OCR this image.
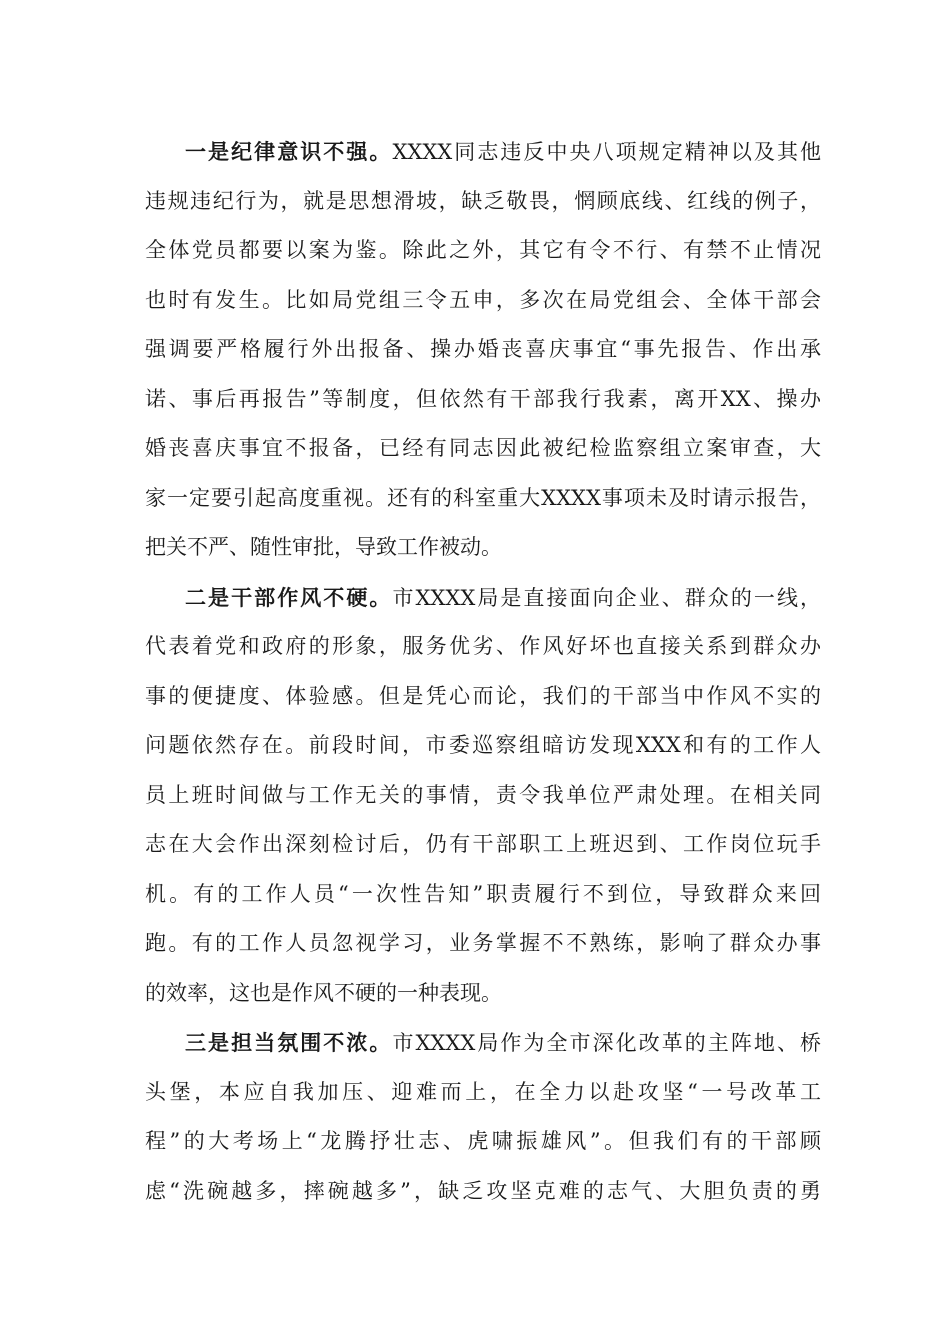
一是纪律意识不强。XXXX同志违反中央八项规定精神以及其他
违规违纪行为，就是思想滑坡，缺乏敬畏，惘顾底线、红线的例子，
全体党员都要以案为鉴。除此之外，其它有令不行、有禁不止情况
也时有发生。比如局党组三令五申，多次在局党组会、全体干部会
强调要严格履行外出报备、操办婚丧喜庆事宜“事先报告、作出承
诺、事后再报告”等制度，但依然有干部我行我素，离开XX、操办
婚丧喜庆事宜不报备，已经有同志因此被纪检监察组立案审查，大
家一定要引起高度重视。还有的科室重大XXXX事项未及时请示报告，
把关不严、随性审批，导致工作被动。
二是干部作风不硬。市XXXX局是直接面向企业、群众的一线，
代表着党和政府的形象，服务优劣、作风好坏也直接关系到群众办
事的便捷度、体验感。但是凭心而论，我们的干部当中作风不实的
问题依然存在。前段时间，市委巡察组暗访发现XXX和有的工作人
员上班时间做与工作无关的事情，责令我单位严肃处理。在相关同
志在大会作出深刻检讨后，仍有干部职工上班迟到、工作岗位玩手
机。有的工作人员“一次性告知”职责履行不到位，导致群众来回
跑。有的工作人员忽视学习，业务掌握不不熟练，影响了群众办事
的效率，这也是作风不硬的一种表现。
三是担当氛围不浓。市XXXX局作为全市深化改革的主阵地、桥
头堡，本应自我加压、迎难而上，在全力以赴攻坚“一号改革工
程”的大考场上“龙腾抒壮志、虎啸振雄风”。但我们有的干部顾
虑“洗碗越多，摔碗越多”，缺乏攻坚克难的志气、大胆负责的勇
